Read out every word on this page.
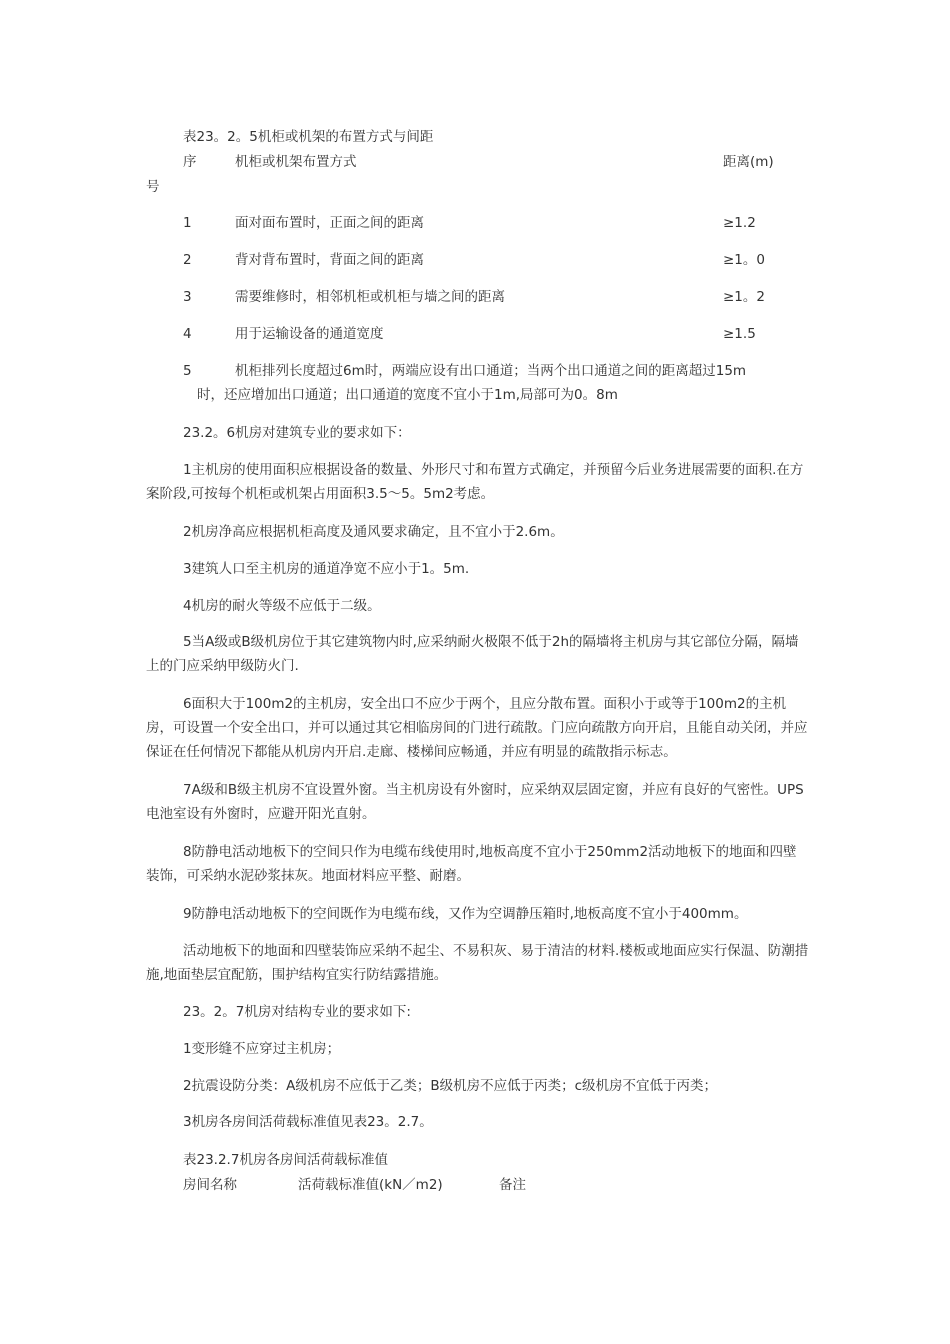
表23。2。5机柜或机架的布置方式与间距
序	机柜或机架布置方式	距离(m)
号
1	面对面布置时，正面之间的距离	≥1.2
2	背对背布置时，背面之间的距离	≥1。0
3	需要维修时，相邻机柜或机柜与墙之间的距离	≥1。2
4	用于运输设备的通道宽度	≥1.5
5	机柜排列长度超过6m时，两端应设有出口通道；当两个出口通道之间的距离超过15m
时，还应增加出口通道；出口通道的宽度不宜小于1m,局部可为0。8m
23.2。6机房对建筑专业的要求如下：
1主机房的使用面积应根据设备的数量、外形尺寸和布置方式确定，并预留今后业务进展需要的面积.在方案阶段,可按每个机柜或机架占用面积3.5～5。5m2考虑。
2机房净高应根据机柜高度及通风要求确定，且不宜小于2.6m。
3建筑人口至主机房的通道净宽不应小于1。5m.
4机房的耐火等级不应低于二级。
5当A级或B级机房位于其它建筑物内时,应采纳耐火极限不低于2h的隔墙将主机房与其它部位分隔，隔墙上的门应采纳甲级防火门.
6面积大于100m2的主机房，安全出口不应少于两个，且应分散布置。面积小于或等于100m2的主机房，可设置一个安全出口，并可以通过其它相临房间的门进行疏散。门应向疏散方向开启，且能自动关闭，并应保证在任何情况下都能从机房内开启.走廊、楼梯间应畅通，并应有明显的疏散指示标志。
7A级和B级主机房不宜设置外窗。当主机房设有外窗时，应采纳双层固定窗，并应有良好的气密性。UPS电池室设有外窗时，应避开阳光直射。
8防静电活动地板下的空间只作为电缆布线使用时,地板高度不宜小于250mm2活动地板下的地面和四壁装饰，可采纳水泥砂浆抹灰。地面材料应平整、耐磨。
9防静电活动地板下的空间既作为电缆布线，又作为空调静压箱时,地板高度不宜小于400mm。
活动地板下的地面和四壁装饰应采纳不起尘、不易积灰、易于清洁的材料.楼板或地面应实行保温、防潮措施,地面垫层宜配筋，围护结构宜实行防结露措施。
23。2。7机房对结构专业的要求如下:
1变形缝不应穿过主机房；
2抗震设防分类：A级机房不应低于乙类；B级机房不应低于丙类；c级机房不宜低于丙类；
3机房各房间活荷载标准值见表23。2.7。
表23.2.7机房各房间活荷载标准值
房间名称	活荷载标准值(kN／m2)	备注
